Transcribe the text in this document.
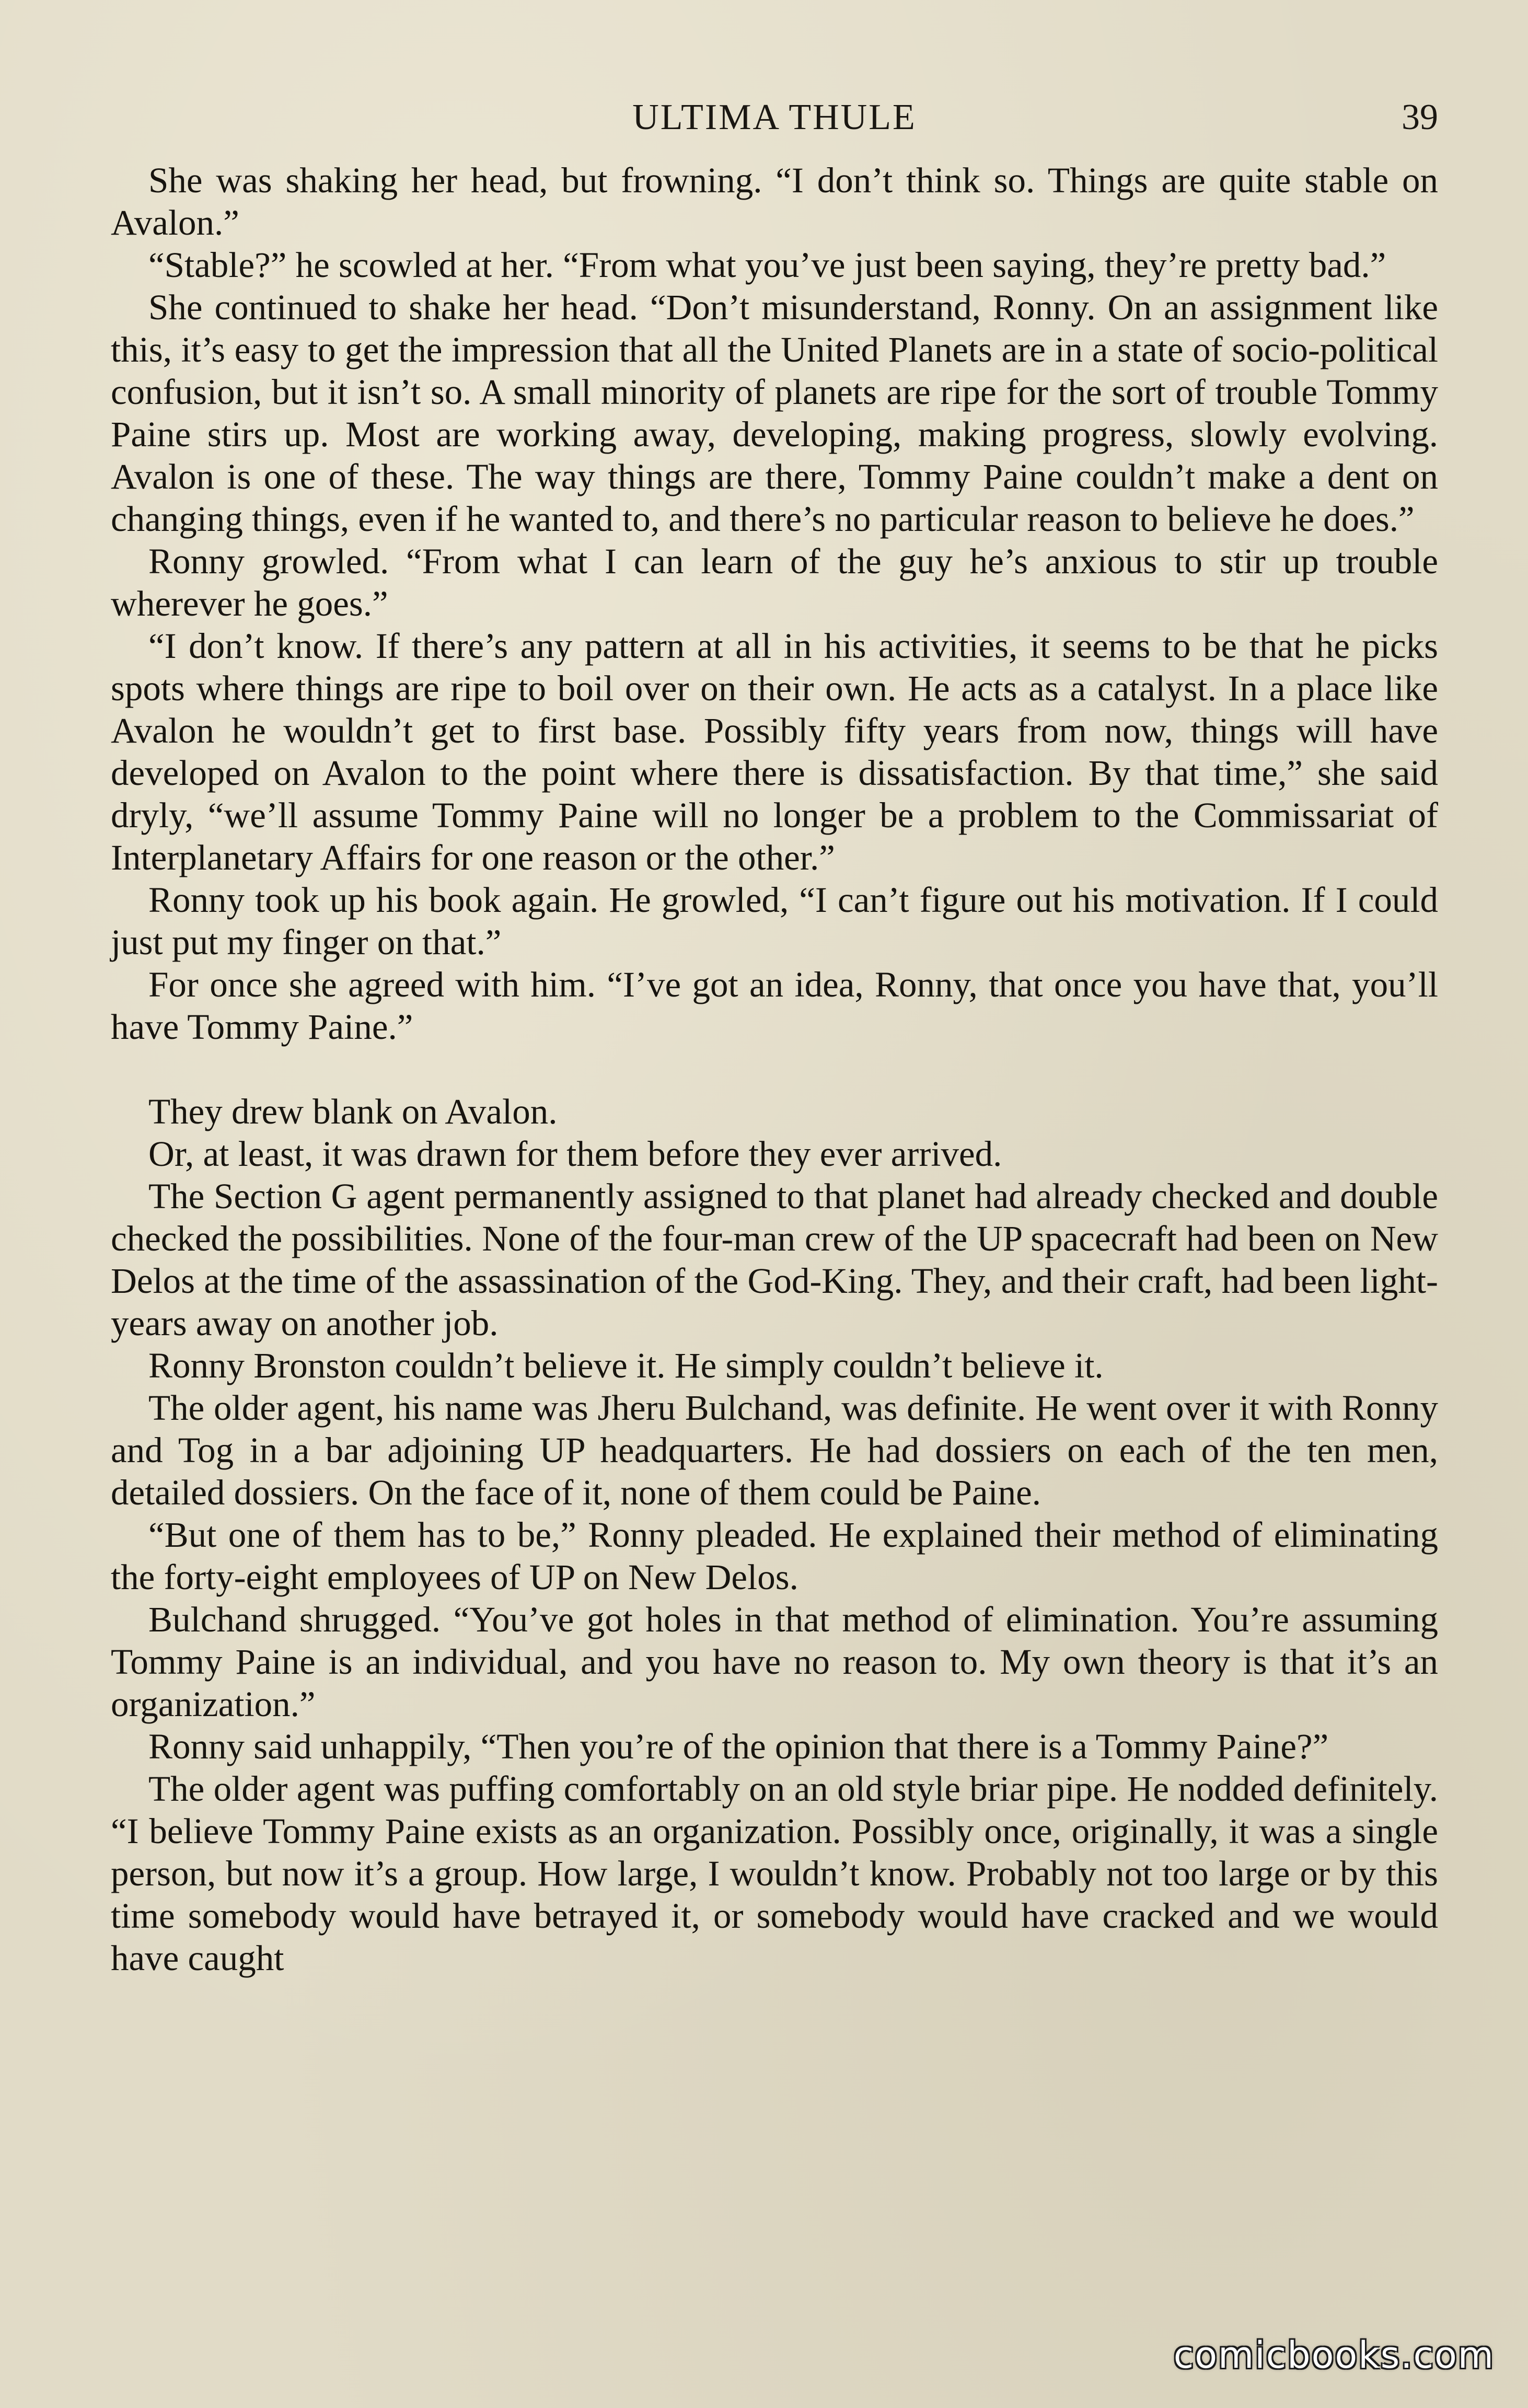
ULTIMA THULE	39

She was shaking her head, but frowning. “I don’t think so. Things are quite stable on Avalon.”

“Stable?” he scowled at her. “From what you’ve just been saying, they’re pretty bad.”

She continued to shake her head. “Don’t misunderstand, Ronny. On an assignment like this, it’s easy to get the impression that all the United Planets are in a state of socio-political confusion, but it isn’t so. A small minority of planets are ripe for the sort of trouble Tommy Paine stirs up. Most are working away, developing, making progress, slowly evolving. Avalon is one of these. The way things are there, Tommy Paine couldn’t make a dent on changing things, even if he wanted to, and there’s no particular reason to believe he does.”

Ronny growled. “From what I can learn of the guy he’s anxious to stir up trouble wherever he goes.”

“I don’t know. If there’s any pattern at all in his activities, it seems to be that he picks spots where things are ripe to boil over on their own. He acts as a catalyst. In a place like Avalon he wouldn’t get to first base. Possibly fifty years from now, things will have developed on Avalon to the point where there is dissatisfaction. By that time,” she said dryly, “we’ll assume Tommy Paine will no longer be a problem to the Commissariat of Interplanetary Affairs for one reason or the other.”

Ronny took up his book again. He growled, “I can’t figure out his motivation. If I could just put my finger on that.”

For once she agreed with him. “I’ve got an idea, Ronny, that once you have that, you’ll have Tommy Paine.”

They drew blank on Avalon.

Or, at least, it was drawn for them before they ever arrived.

The Section G agent permanently assigned to that planet had already checked and double checked the possibilities. None of the four-man crew of the UP spacecraft had been on New Delos at the time of the assassination of the God-King. They, and their craft, had been light-years away on another job.

Ronny Bronston couldn’t believe it. He simply couldn’t believe it.

The older agent, his name was Jheru Bulchand, was definite. He went over it with Ronny and Tog in a bar adjoining UP headquarters. He had dossiers on each of the ten men, detailed dossiers. On the face of it, none of them could be Paine.

“But one of them has to be,” Ronny pleaded. He explained their method of eliminating the forty-eight employees of UP on New Delos.

Bulchand shrugged. “You’ve got holes in that method of elimination. You’re assuming Tommy Paine is an individual, and you have no reason to. My own theory is that it’s an organization.”

Ronny said unhappily, “Then you’re of the opinion that there is a Tommy Paine?”

The older agent was puffing comfortably on an old style briar pipe. He nodded definitely. “I believe Tommy Paine exists as an organization. Possibly once, originally, it was a single person, but now it’s a group. How large, I wouldn’t know. Probably not too large or by this time somebody would have betrayed it, or somebody would have cracked and we would have caught

comicbooks.com
